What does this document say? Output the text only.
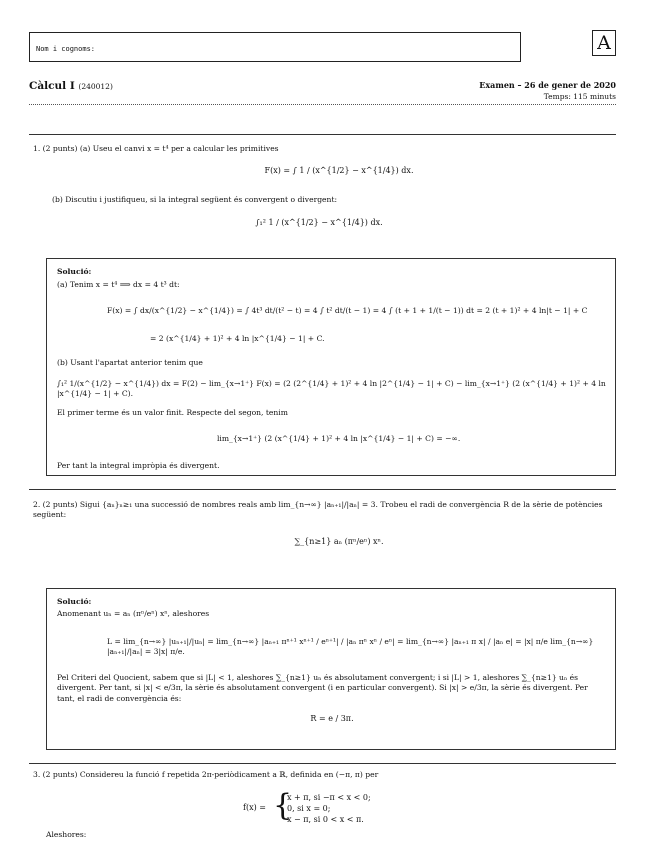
Nom i cognoms:	A
Càlcul I (240012)	Examen – 26 de gener de 2020
Temps: 115 minuts
1. (2 punts) (a) Useu el canvi x = t⁴ per a calcular les primitives
F(x) = ∫ 1 / (x^{1/2} − x^{1/4}) dx.
(b) Discutiu i justifiqueu, si la integral següent és convergent o divergent:
∫₁² 1 / (x^{1/2} − x^{1/4}) dx.
Solució:
(a) Tenim x = t⁴ ⟹ dx = 4 t³ dt:
F(x) = ∫ dx/(x^{1/2} − x^{1/4}) = ∫ 4t³ dt/(t² − t) = 4 ∫ t² dt/(t − 1) = 4 ∫ (t + 1 + 1/(t − 1)) dt = 2 (t + 1)² + 4 ln|t − 1| + C
= 2 (x^{1/4} + 1)² + 4 ln |x^{1/4} − 1| + C.
(b) Usant l'apartat anterior tenim que
∫₁² 1/(x^{1/2} − x^{1/4}) dx = F(2) − lim_{x→1⁺} F(x) = (2 (2^{1/4} + 1)² + 4 ln |2^{1/4} − 1| + C) − lim_{x→1⁺} (2 (x^{1/4} + 1)² + 4 ln |x^{1/4} − 1| + C).
El primer terme és un valor finit. Respecte del segon, tenim
lim_{x→1⁺} (2 (x^{1/4} + 1)² + 4 ln |x^{1/4} − 1| + C) = −∞.
Per tant la integral impròpia és divergent.
2. (2 punts) Sigui {aₙ}ₙ≥₁ una successió de nombres reals amb lim_{n→∞} |aₙ₊₁|/|aₙ| = 3. Trobeu el radi de convergència R de la sèrie de potències següent:
∑_{n≥1} aₙ (πⁿ/eⁿ) xⁿ.
Solució:
Anomenant uₙ = aₙ (πⁿ/eⁿ) xⁿ, aleshores
L = lim_{n→∞} |uₙ₊₁|/|uₙ| = lim_{n→∞} |aₙ₊₁ πⁿ⁺¹ xⁿ⁺¹ / eⁿ⁺¹| / |aₙ πⁿ xⁿ / eⁿ| = lim_{n→∞} |aₙ₊₁ π x| / |aₙ e| = |x| π/e lim_{n→∞} |aₙ₊₁|/|aₙ| = 3|x| π/e.
Pel Criteri del Quocient, sabem que si |L| < 1, aleshores ∑_{n≥1} uₙ és absolutament convergent; i si |L| > 1, aleshores ∑_{n≥1} uₙ és divergent. Per tant, si |x| < e/3π, la sèrie és absolutament convergent (i en particular convergent). Si |x| > e/3π, la sèrie és divergent. Per tant, el radi de convergència és:
R = e / 3π.
3. (2 punts) Considereu la funció f repetida 2π-periòdicament a ℝ, definida en (−π, π) per
f(x) = {
x + π, si −π < x < 0;
0, si x = 0;
x − π, si 0 < x < π.
Aleshores:
